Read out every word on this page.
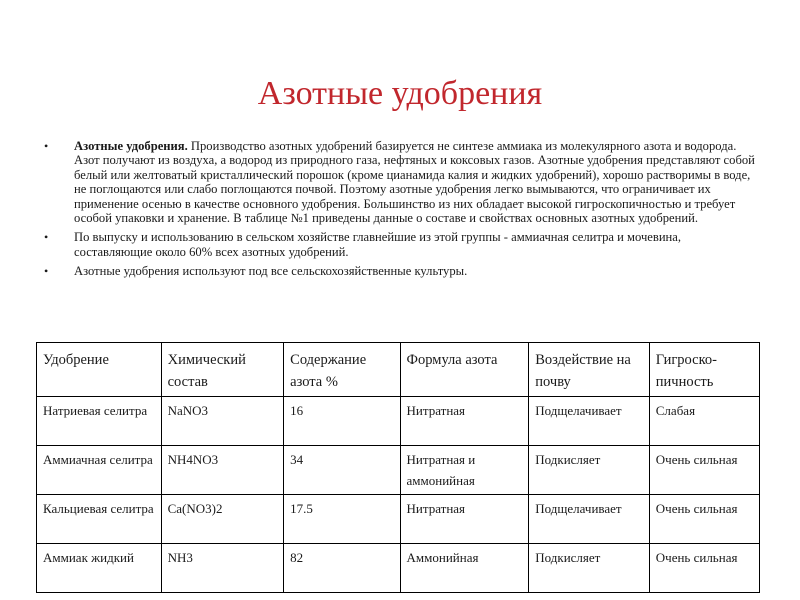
Азотные удобрения
• Азотные удобрения. Производство азотных удобрений базируется не синтезе аммиака из молекулярного азота и водорода. Азот получают из воздуха, а водород из природного газа, нефтяных и коксовых газов. Азотные удобрения представляют собой белый или желтоватый кристаллический порошок (кроме цианамида калия и жидких удобрений), хорошо растворимы в воде, не поглощаются или слабо поглощаются почвой. Поэтому азотные удобрения легко вымываются, что ограничивает их применение осенью в качестве основного удобрения. Большинство из них обладает высокой гигроскопичностью и требует особой упаковки и хранение. В таблице №1 приведены данные о составе и свойствах основных азотных удобрений.
• По выпуску и использованию в сельском хозяйстве главнейшие из этой группы - аммиачная селитра и мочевина, составляющие около 60% всех азотных удобрений.
• Азотные удобрения используют под все сельскохозяйственные культуры.
Удобрение	Химический состав	Содержание азота %	Формула азота	Воздействие на почву	Гигроско-пичность
Натриевая селитра	NaNO3	16	Нитратная	Подщелачивает	Слабая
Аммиачная селитра	NH4NO3	34	Нитратная и аммонийная	Подкисляет	Очень сильная
Кальциевая селитра	Ca(NO3)2	17.5	Нитратная	Подщелачивает	Очень сильная
Аммиак жидкий	NH3	82	Аммонийная	Подкисляет	Очень сильная
